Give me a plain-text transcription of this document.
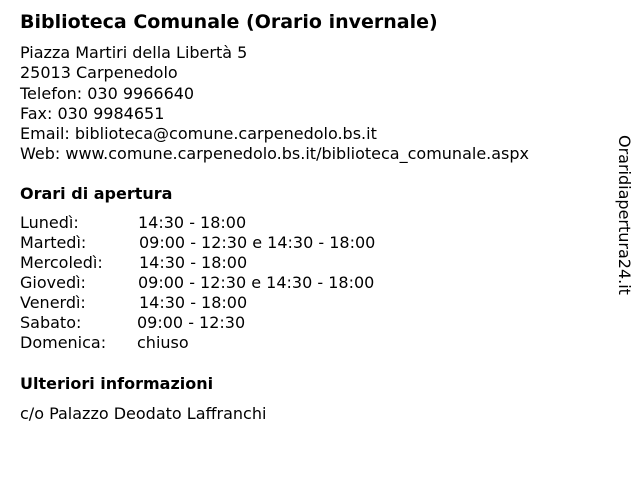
Biblioteca Comunale (Orario invernale)
Piazza Martiri della Libertà 5
25013 Carpenedolo
Telefon: 030 9966640
Fax: 030 9984651
Email: biblioteca@comune.carpenedolo.bs.it
Web: www.comune.carpenedolo.bs.it/biblioteca_comunale.aspx
Orari di apertura
Lunedì:	14:30 - 18:00
Martedì:	09:00 - 12:30 e 14:30 - 18:00
Mercoledì: 14:30 - 18:00
Giovedì:	09:00 - 12:30 e 14:30 - 18:00
Venerdì:	14:30 - 18:00
Sabato:	09:00 - 12:30
Domenica: chiuso
Ulteriori informazioni
c/o Palazzo Deodato Laffranchi
Oraridiapertura24.it
